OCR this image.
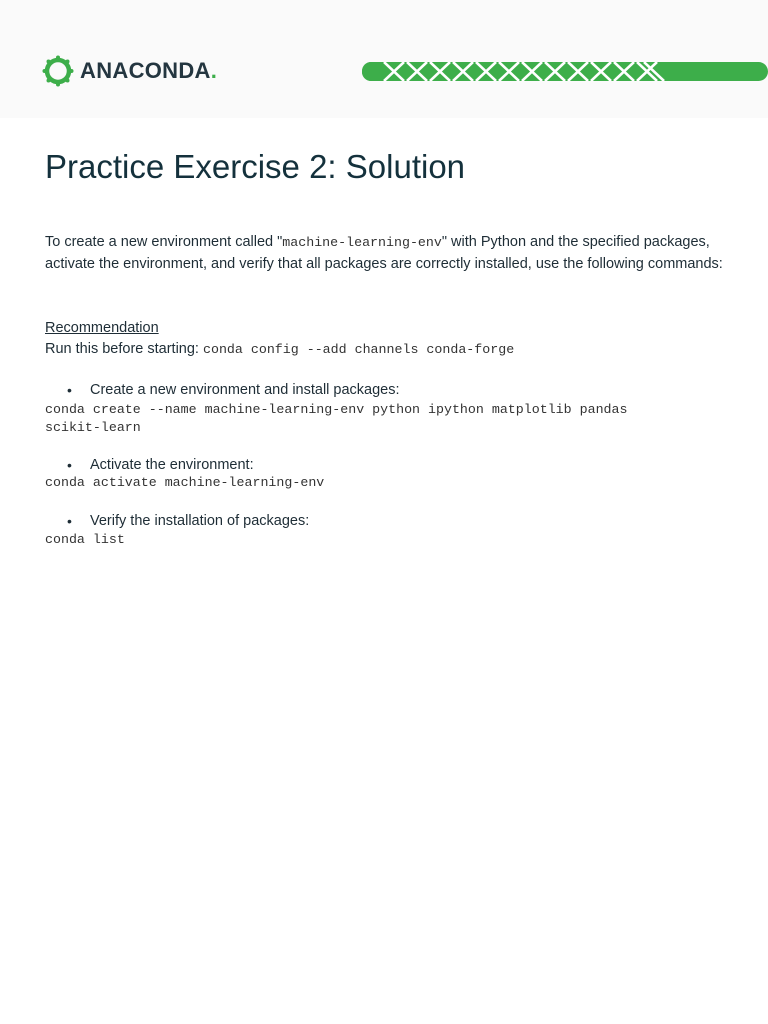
ANACONDA .
Practice Exercise 2: Solution
To create a new environment called "machine-learning-env" with Python and the specified packages, activate the environment, and verify that all packages are correctly installed, use the following commands:
Recommendation
Run this before starting: conda config --add channels conda-forge
•	Create a new environment and install packages:
conda create --name machine-learning-env python ipython matplotlib pandas
scikit-learn
•	Activate the environment:
conda activate machine-learning-env
•	Verify the installation of packages:
conda list
